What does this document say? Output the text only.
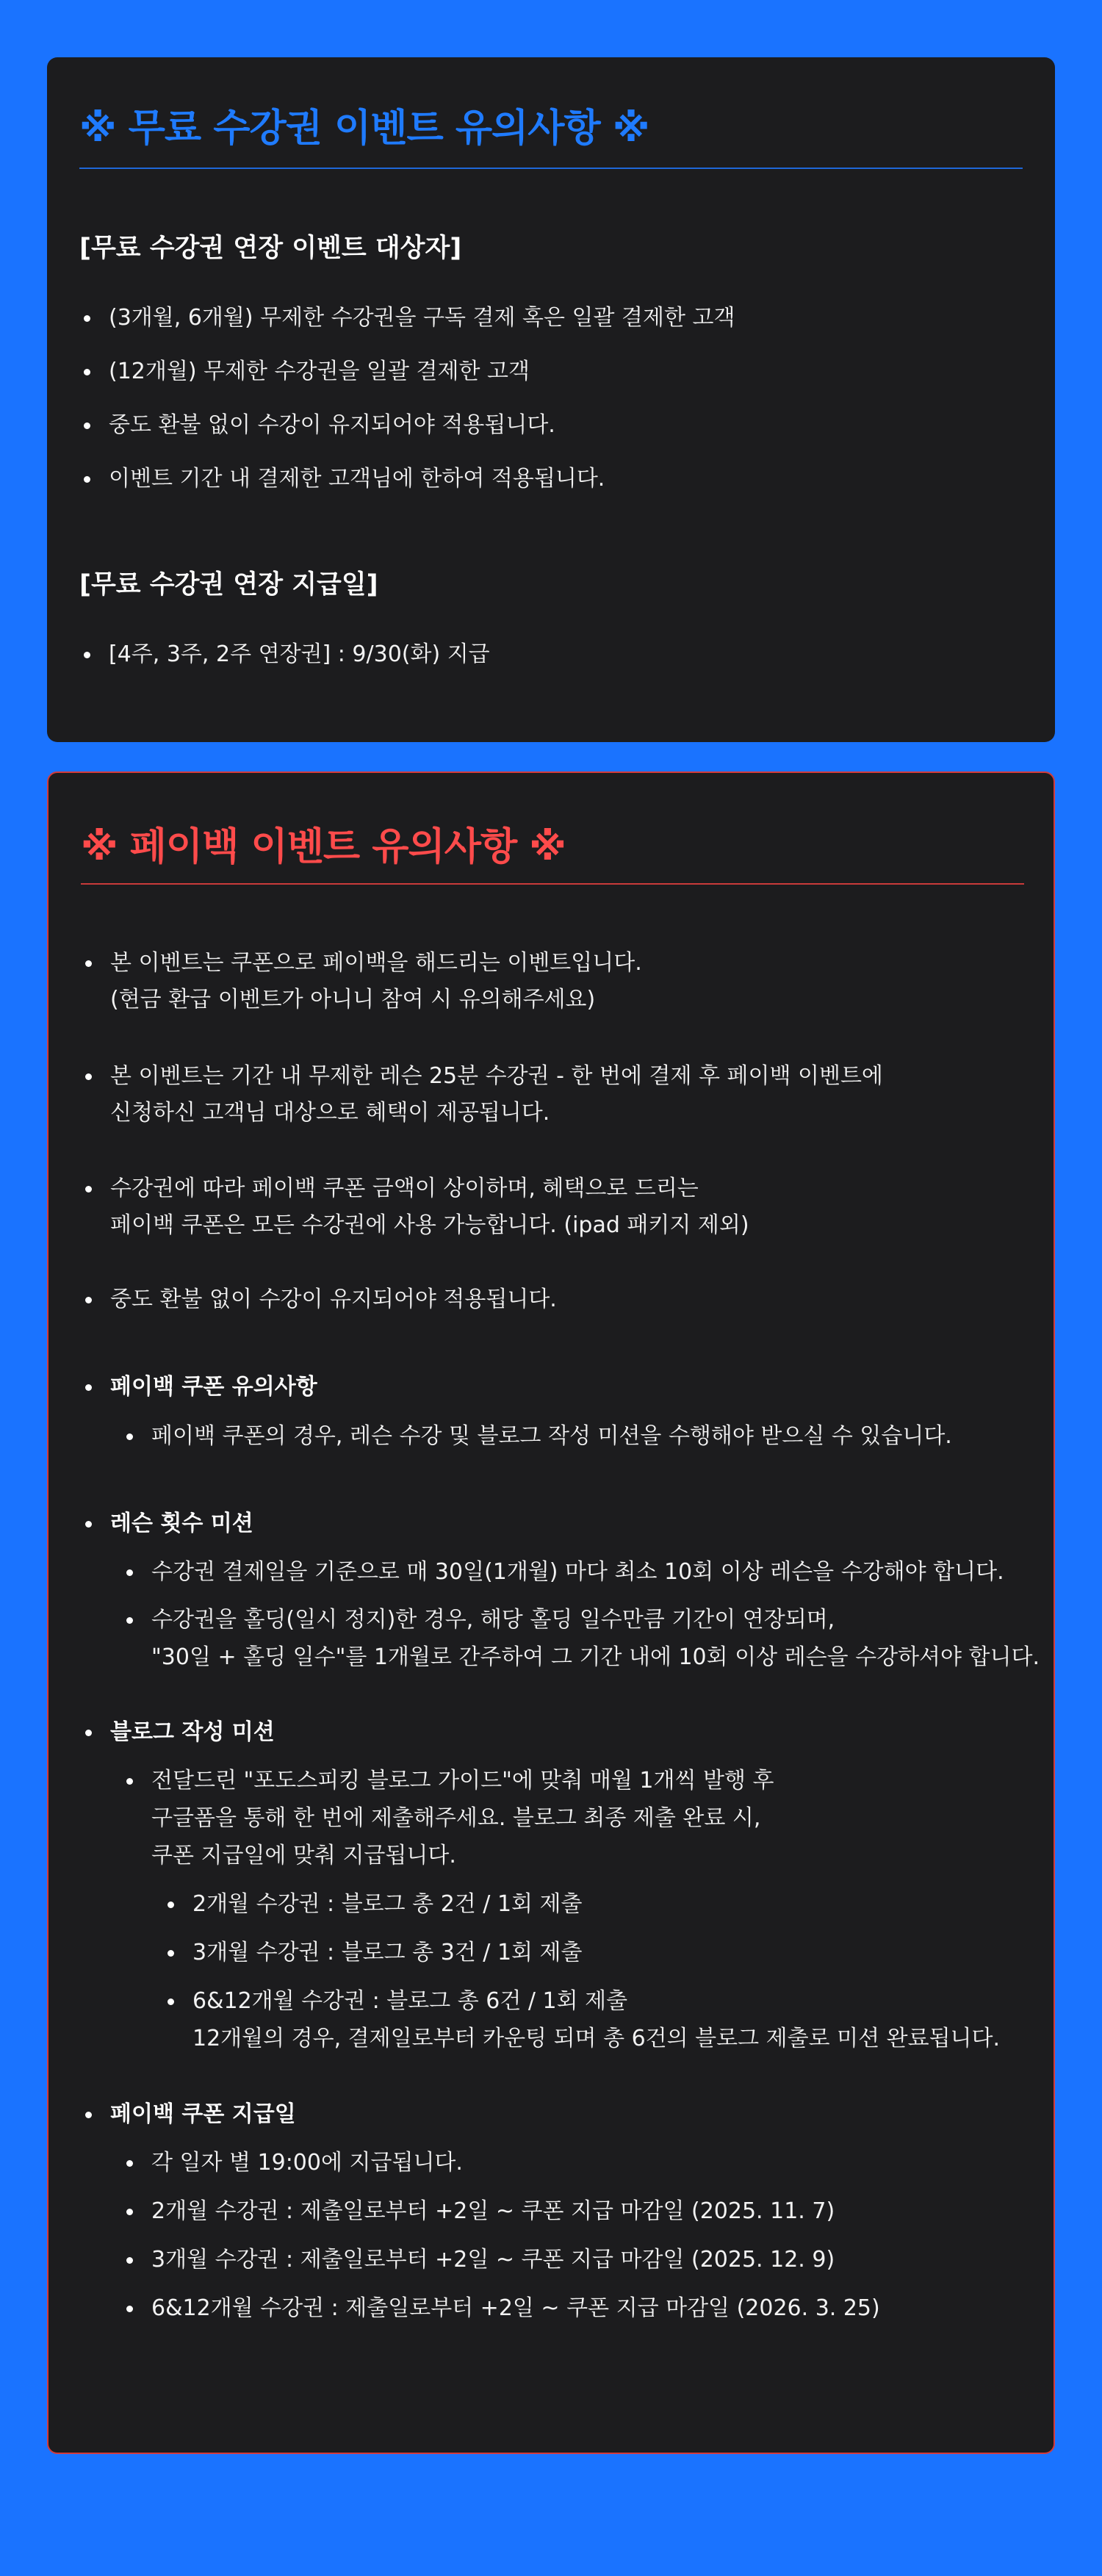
※ 무료 수강권 이벤트 유의사항 ※
[무료 수강권 연장 이벤트 대상자]
(3개월, 6개월) 무제한 수강권을 구독 결제 혹은 일괄 결제한 고객
(12개월) 무제한 수강권을 일괄 결제한 고객
중도 환불 없이 수강이 유지되어야 적용됩니다.
이벤트 기간 내 결제한 고객님에 한하여 적용됩니다.
[무료 수강권 연장 지급일]
[4주, 3주, 2주 연장권] : 9/30(화) 지급
※ 페이백 이벤트 유의사항 ※
본 이벤트는 쿠폰으로 페이백을 해드리는 이벤트입니다.
(현금 환급 이벤트가 아니니 참여 시 유의해주세요)
본 이벤트는 기간 내 무제한 레슨 25분 수강권 - 한 번에 결제 후 페이백 이벤트에
신청하신 고객님 대상으로 혜택이 제공됩니다.
수강권에 따라 페이백 쿠폰 금액이 상이하며, 혜택으로 드리는
페이백 쿠폰은 모든 수강권에 사용 가능합니다. (ipad 패키지 제외)
중도 환불 없이 수강이 유지되어야 적용됩니다.
페이백 쿠폰 유의사항
페이백 쿠폰의 경우, 레슨 수강 및 블로그 작성 미션을 수행해야 받으실 수 있습니다.
레슨 횟수 미션
수강권 결제일을 기준으로 매 30일(1개월) 마다 최소 10회 이상 레슨을 수강해야 합니다.
수강권을 홀딩(일시 정지)한 경우, 해당 홀딩 일수만큼 기간이 연장되며,
"30일 + 홀딩 일수"를 1개월로 간주하여 그 기간 내에 10회 이상 레슨을 수강하셔야 합니다.
블로그 작성 미션
전달드린 "포도스피킹 블로그 가이드"에 맞춰 매월 1개씩 발행 후
구글폼을 통해 한 번에 제출해주세요. 블로그 최종 제출 완료 시,
쿠폰 지급일에 맞춰 지급됩니다.
2개월 수강권 : 블로그 총 2건 / 1회 제출
3개월 수강권 : 블로그 총 3건 / 1회 제출
6&12개월 수강권 : 블로그 총 6건 / 1회 제출
12개월의 경우, 결제일로부터 카운팅 되며 총 6건의 블로그 제출로 미션 완료됩니다.
페이백 쿠폰 지급일
각 일자 별 19:00에 지급됩니다.
2개월 수강권 : 제출일로부터 +2일 ~ 쿠폰 지급 마감일 (2025. 11. 7)
3개월 수강권 : 제출일로부터 +2일 ~ 쿠폰 지급 마감일 (2025. 12. 9)
6&12개월 수강권 : 제출일로부터 +2일 ~ 쿠폰 지급 마감일 (2026. 3. 25)
